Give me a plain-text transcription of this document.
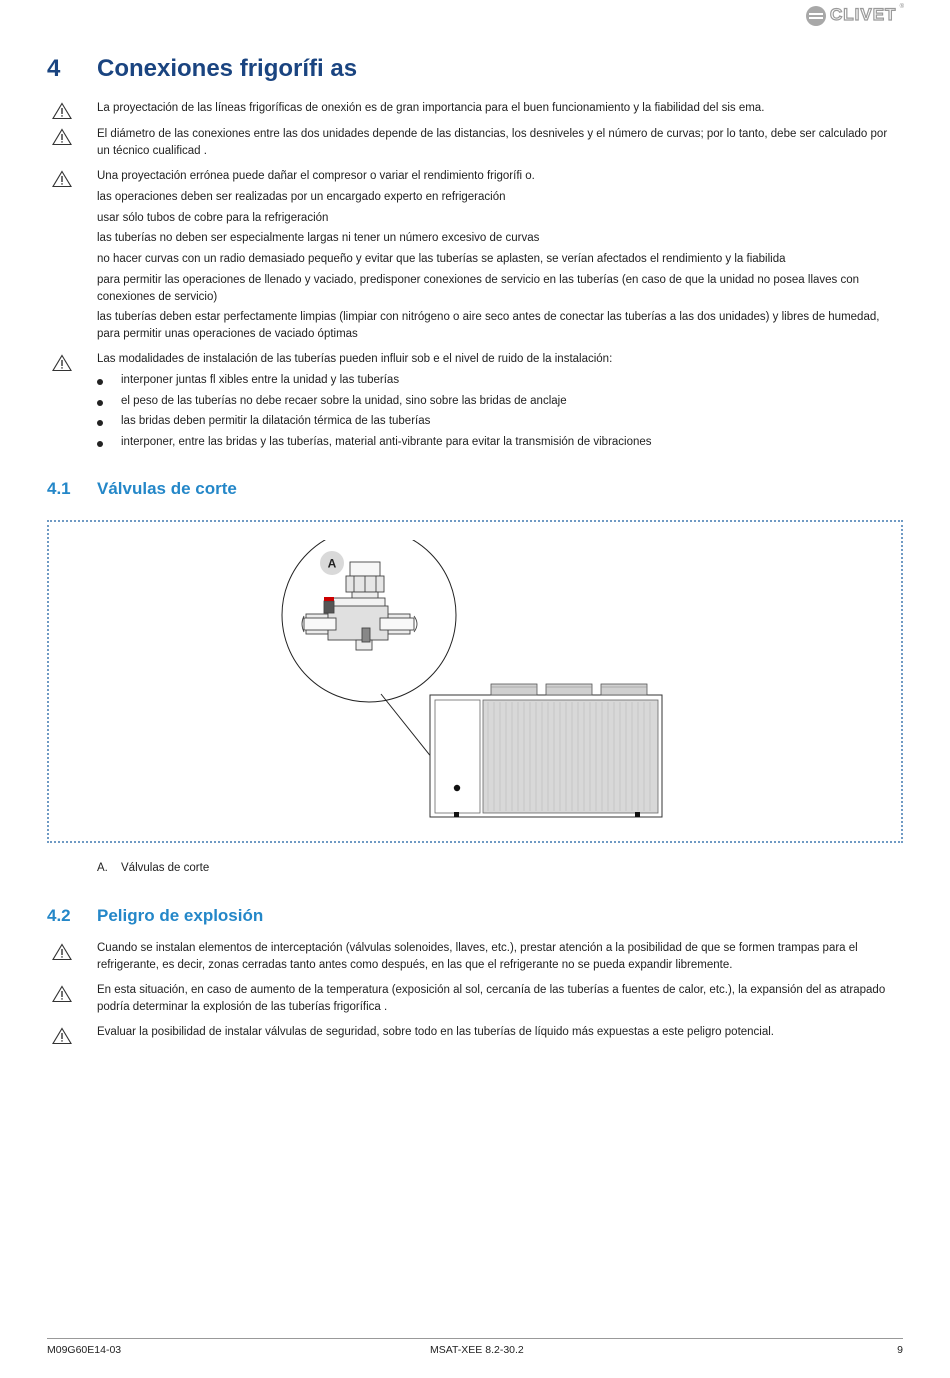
CLIVET ®
4 Conexiones frigorífi as
La proyectación de las líneas frigoríficas de onexión es de gran importancia para el buen funcionamiento y la fiabilidad del sis ema.
El diámetro de las conexiones entre las dos unidades depende de las distancias, los desniveles y el número de curvas; por lo tanto, debe ser calculado por un técnico cualificad .
Una proyectación errónea puede dañar el compresor o variar el rendimiento frigorífi o.
las operaciones deben ser realizadas por un encargado experto en refrigeración
usar sólo tubos de cobre para la refrigeración
las tuberías no deben ser especialmente largas ni tener un número excesivo de curvas
no hacer curvas con un radio demasiado pequeño y evitar que las tuberías se aplasten, se verían afectados el rendimiento y la fiabilida
para permitir las operaciones de llenado y vaciado, predisponer conexiones de servicio en las tuberías (en caso de que la unidad no posea llaves con conexiones de servicio)
las tuberías deben estar perfectamente limpias (limpiar con nitrógeno o aire seco antes de conectar las tuberías a las dos unidades) y libres de humedad, para permitir unas operaciones de vaciado óptimas
Las modalidades de instalación de las tuberías pueden influir sob e el nivel de ruido de la instalación:
interponer juntas fl xibles entre la unidad y las tuberías
el peso de las tuberías no debe recaer sobre la unidad, sino sobre las bridas de anclaje
las bridas deben permitir la dilatación térmica de las tuberías
interponer, entre las bridas y las tuberías, material anti-vibrante para evitar la transmisión de vibraciones
4.1 Válvulas de corte
A
A. Válvulas de corte
4.2 Peligro de explosión
Cuando se instalan elementos de interceptación (válvulas solenoides, llaves, etc.), prestar atención a la posibilidad de que se formen trampas para el refrigerante, es decir, zonas cerradas tanto antes como después, en las que el refrigerante no se pueda expandir libremente.
En esta situación, en caso de aumento de la temperatura (exposición al sol, cercanía de las tuberías a fuentes de calor, etc.), la expansión del as atrapado podría determinar la explosión de las tuberías frigorífica .
Evaluar la posibilidad de instalar válvulas de seguridad, sobre todo en las tuberías de líquido más expuestas a este peligro potencial.
M09G60E14-03	MSAT-XEE 8.2-30.2	9
